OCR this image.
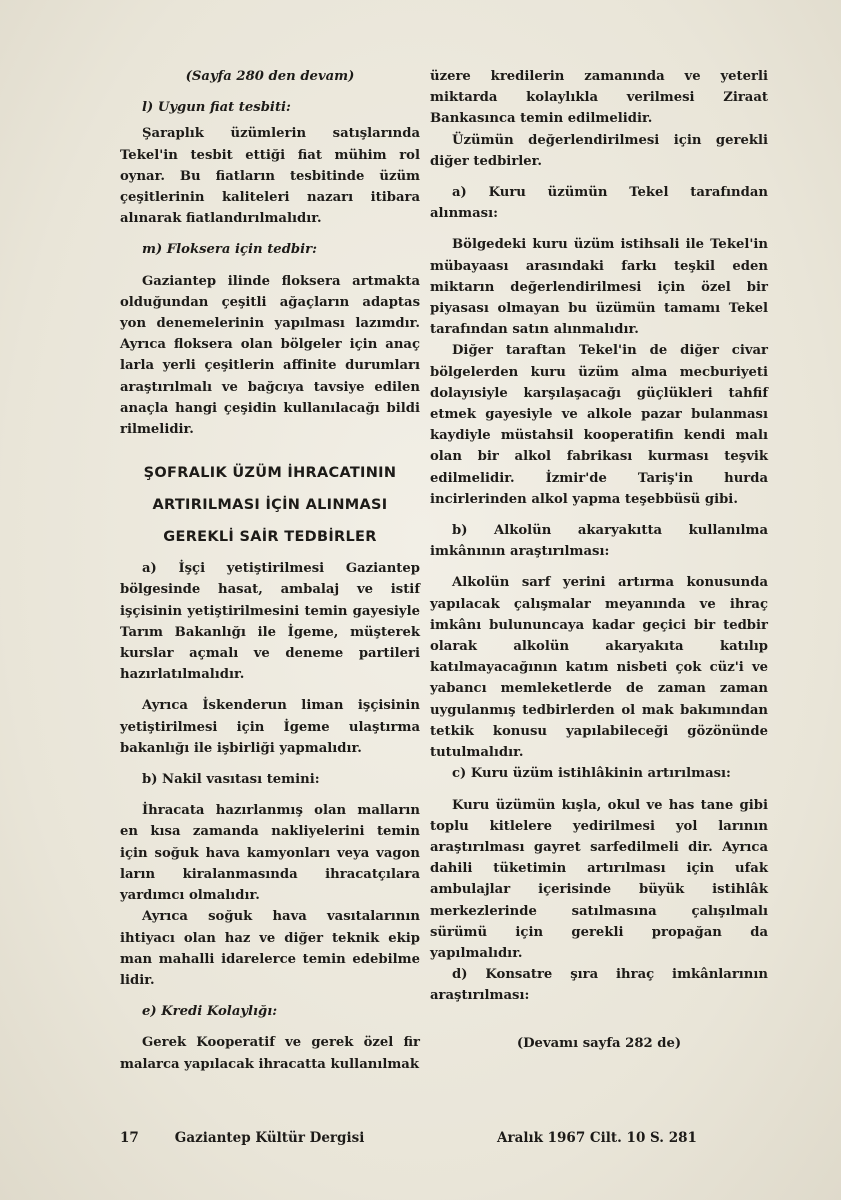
(Sayfa 280 den devam)

l) Uygun fiat tesbiti:

Şaraplık üzümlerin satışlarında Tekel'in tesbit ettiği fiat mühim rol oynar. Bu fiatların tesbitinde üzüm çeşitlerinin kaliteleri nazarı itibara alınarak fiatlandırılmalıdır.

m) Floksera için tedbir:

Gaziantep ilinde floksera artmakta olduğundan çeşitli ağaçların adaptas yon denemelerinin yapılması lazımdır. Ayrıca floksera olan bölgeler için anaç larla yerli çeşitlerin affinite durumları araştırılmalı ve bağcıya tavsiye edilen anaçla hangi çeşidin kullanılacağı bildi rilmelidir.

ŞOFRALIK ÜZÜM İHRACATININ
ARTIRILMASI İÇİN ALINMASI
GEREKLİ SAİR TEDBİRLER

a) İşçi yetiştirilmesi Gaziantep bölgesinde hasat, ambalaj ve istif işçisinin yetiştirilmesini temin gayesiyle Tarım Bakanlığı ile İgeme, müşterek kurslar açmalı ve deneme partileri hazırlatılmalıdır.

Ayrıca İskenderun liman işçisinin yetiştirilmesi için İgeme ulaştırma bakanlığı ile işbirliği yapmalıdır.

b) Nakil vasıtası temini:

İhracata hazırlanmış olan malların en kısa zamanda nakliyelerini temin için soğuk hava kamyonları veya vagon ların kiralanmasında ihracatçılara yardımcı olmalıdır.

Ayrıca soğuk hava vasıtalarının ihtiyacı olan haz ve diğer teknik ekip man mahalli idarelerce temin edebilme lidir.

e) Kredi Kolaylığı:

Gerek Kooperatif ve gerek özel fir malarca yapılacak ihracatta kullanılmak

üzere kredilerin zamanında ve yeterli miktarda kolaylıkla verilmesi Ziraat Bankasınca temin edilmelidir.

Üzümün değerlendirilmesi için gerekli diğer tedbirler.

a) Kuru üzümün Tekel tarafından alınması:

Bölgedeki kuru üzüm istihsali ile Tekel'in mübayaası arasındaki farkı teşkil eden miktarın değerlendirilmesi için özel bir piyasası olmayan bu üzümün tamamı Tekel tarafından satın alınmalıdır.

Diğer taraftan Tekel'in de diğer civar bölgelerden kuru üzüm alma mecburiyeti dolayısiyle karşılaşacağı güçlükleri tahfif etmek gayesiyle ve alkole pazar bulanması kaydiyle müstahsil kooperatifin kendi malı olan bir alkol fabrikası kurması teşvik edilmelidir. İzmir'de Tariş'in hurda incirlerinden alkol yapma teşebbüsü gibi.

b) Alkolün akaryakıtta kullanılma imkânının araştırılması:

Alkolün sarf yerini artırma konusunda yapılacak çalışmalar meyanında ve ihraç imkânı bulununcaya kadar geçici bir tedbir olarak alkolün akaryakıta katılıp katılmayacağının katım nisbeti çok cüz'i ve yabancı memleketlerde de zaman zaman uygulanmış tedbirlerden ol mak bakımından tetkik konusu yapılabileceği gözönünde tutulmalıdır.

c) Kuru üzüm istihlâkinin artırılması:

Kuru üzümün kışla, okul ve has tane gibi toplu kitlelere yedirilmesi yol larının araştırılması gayret sarfedilmeli dir. Ayrıca dahili tüketimin artırılması için ufak ambulajlar içerisinde büyük istihlâk merkezlerinde satılmasına çalışılmalı sürümü için gerekli propağan da yapılmalıdır.

d) Konsatre şıra ihraç imkânlarının araştırılması:

(Devamı sayfa 282 de)

17	Gaziantep Kültür Dergisi	Aralık 1967 Cilt. 10 S. 281
